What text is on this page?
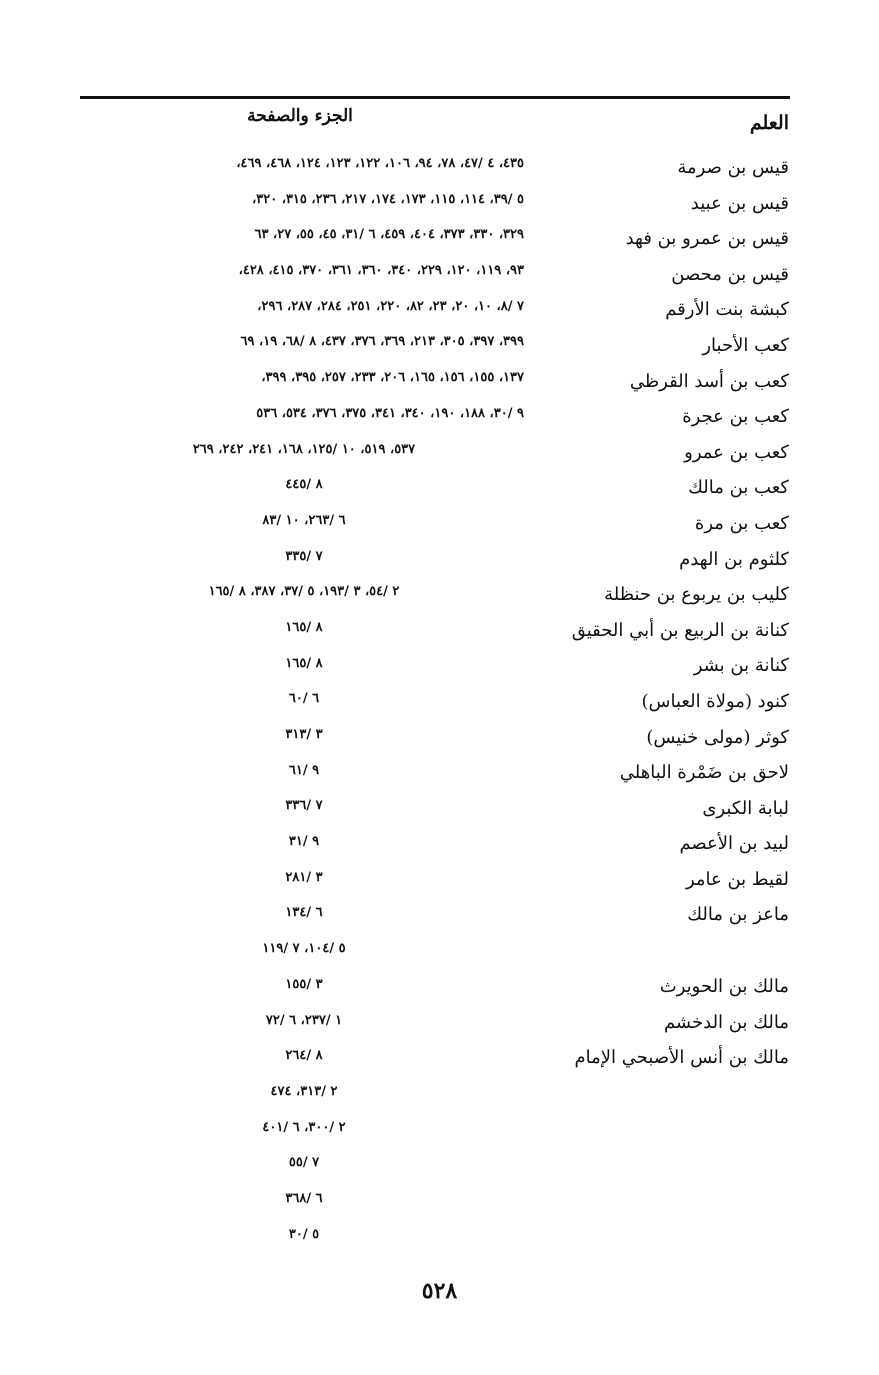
العلم
الجزء والصفحة
قيس بن صرمة
قيس بن عبيد
قيس بن عمرو بن فهد
قيس بن محصن
كبشة بنت الأرقم
كعب الأحبار
كعب بن أسد القرظي
كعب بن عجرة
كعب بن عمرو
كعب بن مالك
كعب بن مرة
كلثوم بن الهدم
كليب بن يربوع بن حنظلة
كنانة بن الربيع بن أبي الحقيق
كنانة بن بشر
كنود (مولاة العباس)
كوثر (مولى خنيس)
لاحق بن ضَمْرة الباهلي
لبابة الكبرى
لبيد بن الأعصم
لقيط بن عامر
ماعز بن مالك
مالك بن الحويرث
مالك بن الدخشم
مالك بن أنس الأصبحي الإمام
٤٣٥، ٤ /٤٧، ٧٨، ٩٤، ١٠٦، ١٢٢، ١٢٣، ١٢٤، ٤٦٨، ٤٦٩،
٥ /٣٩، ١١٤، ١١٥، ١٧٣، ١٧٤، ٢١٧، ٢٣٦، ٣١٥، ٣٢٠،
٣٢٩، ٣٣٠، ٣٧٣، ٤٠٤، ٤٥٩، ٦ /٣١، ٤٥، ٥٥، ٢٧، ٦٣
٩٣، ١١٩، ١٢٠، ٢٢٩، ٣٤٠، ٣٦٠، ٣٦١، ٣٧٠، ٤١٥، ٤٢٨،
٧ /٨، ١٠، ٢٠، ٢٣، ٨٢، ٢٢٠، ٢٥١، ٢٨٤، ٢٨٧، ٢٩٦،
٣٩٩، ٣٩٧، ٣٠٥، ٢١٣، ٣٦٩، ٣٧٦، ٤٣٧، ٨ /٦٨، ١٩، ٦٩
١٣٧، ١٥٥، ١٥٦، ١٦٥، ٢٠٦، ٢٣٣، ٢٥٧، ٣٩٥، ٣٩٩،
٩ /٣٠، ١٨٨، ١٩٠، ٣٤٠، ٣٤١، ٣٧٥، ٣٧٦، ٥٣٤، ٥٣٦
٥٣٧، ٥١٩، ١٠ /١٢٥، ١٦٨، ٢٤١، ٢٤٢، ٢٦٩
٨ /٤٤٥
٦ /٢٦٣، ١٠ /٨٣
٧ /٣٣٥
٢ /٥٤، ٣ /١٩٣، ٥ /٣٧، ٣٨٧، ٨ /١٦٥
٨ /١٦٥
٨ /١٦٥
٦ /٦٠
٣ /٣١٣
٩ /٦١
٧ /٣٣٦
٩ /٣١
٣ /٢٨١
٦ /١٣٤
٥ /١٠٤، ٧ /١١٩
٣ /١٥٥
١ /٢٣٧، ٦ /٧٢
٨ /٢٦٤
٢ /٣١٣، ٤٧٤
٢ /٣٠٠، ٦ /٤٠١
٧ /٥٥
٦ /٣٦٨
٥ /٣٠
٥٢٨
